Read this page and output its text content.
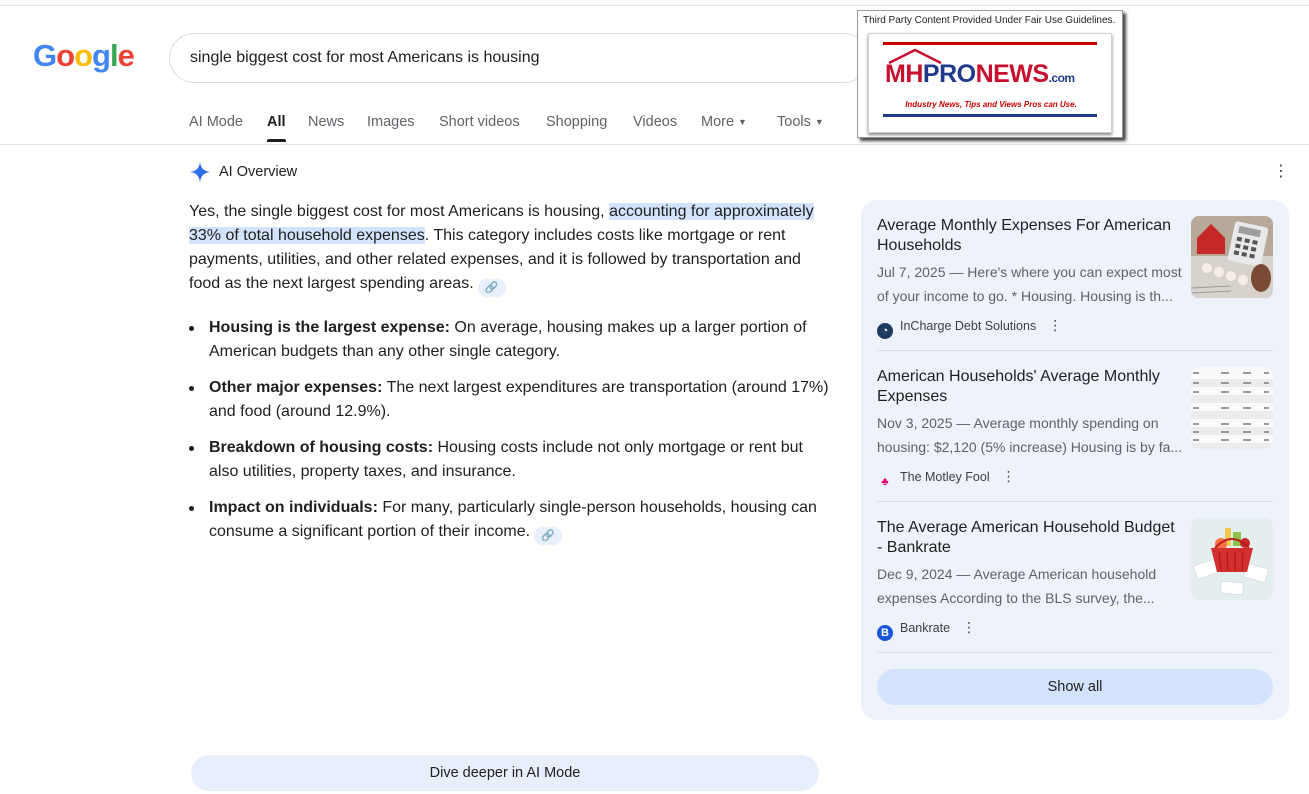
Google	single biggest cost for most Americans is housing
AI Mode All News Images Short videos Shopping Videos More ▼ Tools ▼
AI Overview	⋮
Yes, the single biggest cost for most Americans is housing, accounting for approximately 33% of total household expenses. This category includes costs like mortgage or rent payments, utilities, and other related expenses, and it is followed by transportation and food as the next largest spending areas. 🔗
Housing is the largest expense: On average, housing makes up a larger portion of American budgets than any other single category.
Other major expenses: The next largest expenditures are transportation (around 17%) and food (around 12.9%).
Breakdown of housing costs: Housing costs include not only mortgage or rent but also utilities, property taxes, and insurance.
Impact on individuals: For many, particularly single-person households, housing can consume a significant portion of their income. 🔗
Dive deeper in AI Mode
Average Monthly Expenses For American Households
Jul 7, 2025 — Here's where you can expect most of your income to go. * Housing. Housing is th...
◔ InCharge Debt Solutions ⋮
American Households' Average Monthly Expenses
Nov 3, 2025 — Average monthly spending on housing: $2,120 (5% increase) Housing is by fa...
♣ The Motley Fool ⋮
The Average American Household Budget - Bankrate
Dec 9, 2024 — Average American household expenses According to the BLS survey, the...
B Bankrate ⋮
Show all
Third Party Content Provided Under Fair Use Guidelines.
MHPRONEWS.com
Industry News, Tips and Views Pros can Use.
